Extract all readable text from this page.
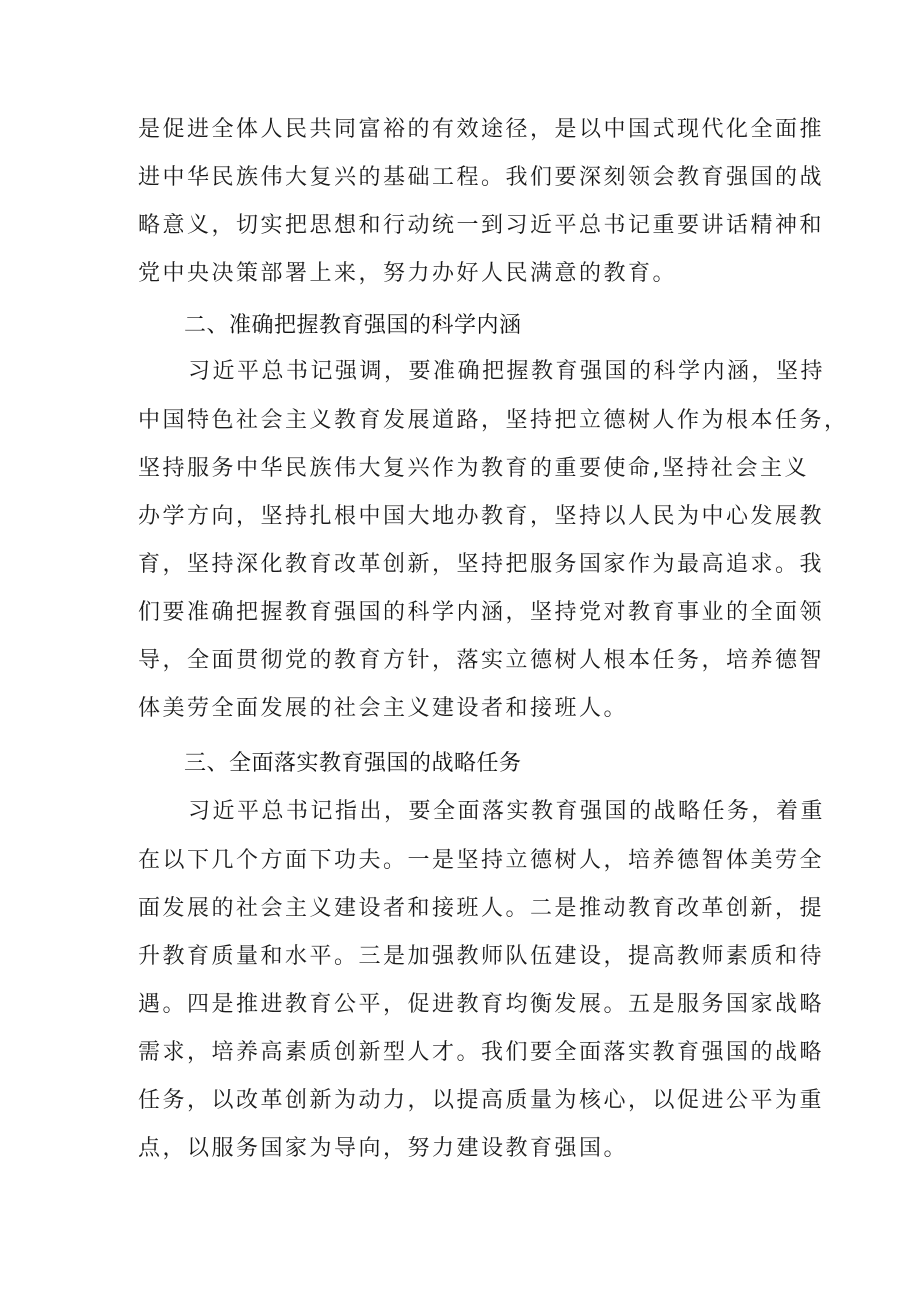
是促进全体人民共同富裕的有效途径，是以中国式现代化全面推
进中华民族伟大复兴的基础工程。我们要深刻领会教育强国的战
略意义，切实把思想和行动统一到习近平总书记重要讲话精神和
党中央决策部署上来，努力办好人民满意的教育。
二、准确把握教育强国的科学内涵
习近平总书记强调，要准确把握教育强国的科学内涵，坚持
中国特色社会主义教育发展道路，坚持把立德树人作为根本任务，
坚持服务中华民族伟大复兴作为教育的重要使命,坚持社会主义
办学方向，坚持扎根中国大地办教育，坚持以人民为中心发展教
育，坚持深化教育改革创新，坚持把服务国家作为最高追求。我
们要准确把握教育强国的科学内涵，坚持党对教育事业的全面领
导，全面贯彻党的教育方针，落实立德树人根本任务，培养德智
体美劳全面发展的社会主义建设者和接班人。
三、全面落实教育强国的战略任务
习近平总书记指出，要全面落实教育强国的战略任务，着重
在以下几个方面下功夫。一是坚持立德树人，培养德智体美劳全
面发展的社会主义建设者和接班人。二是推动教育改革创新，提
升教育质量和水平。三是加强教师队伍建设，提高教师素质和待
遇。四是推进教育公平，促进教育均衡发展。五是服务国家战略
需求，培养高素质创新型人才。我们要全面落实教育强国的战略
任务，以改革创新为动力，以提高质量为核心，以促进公平为重
点，以服务国家为导向，努力建设教育强国。
